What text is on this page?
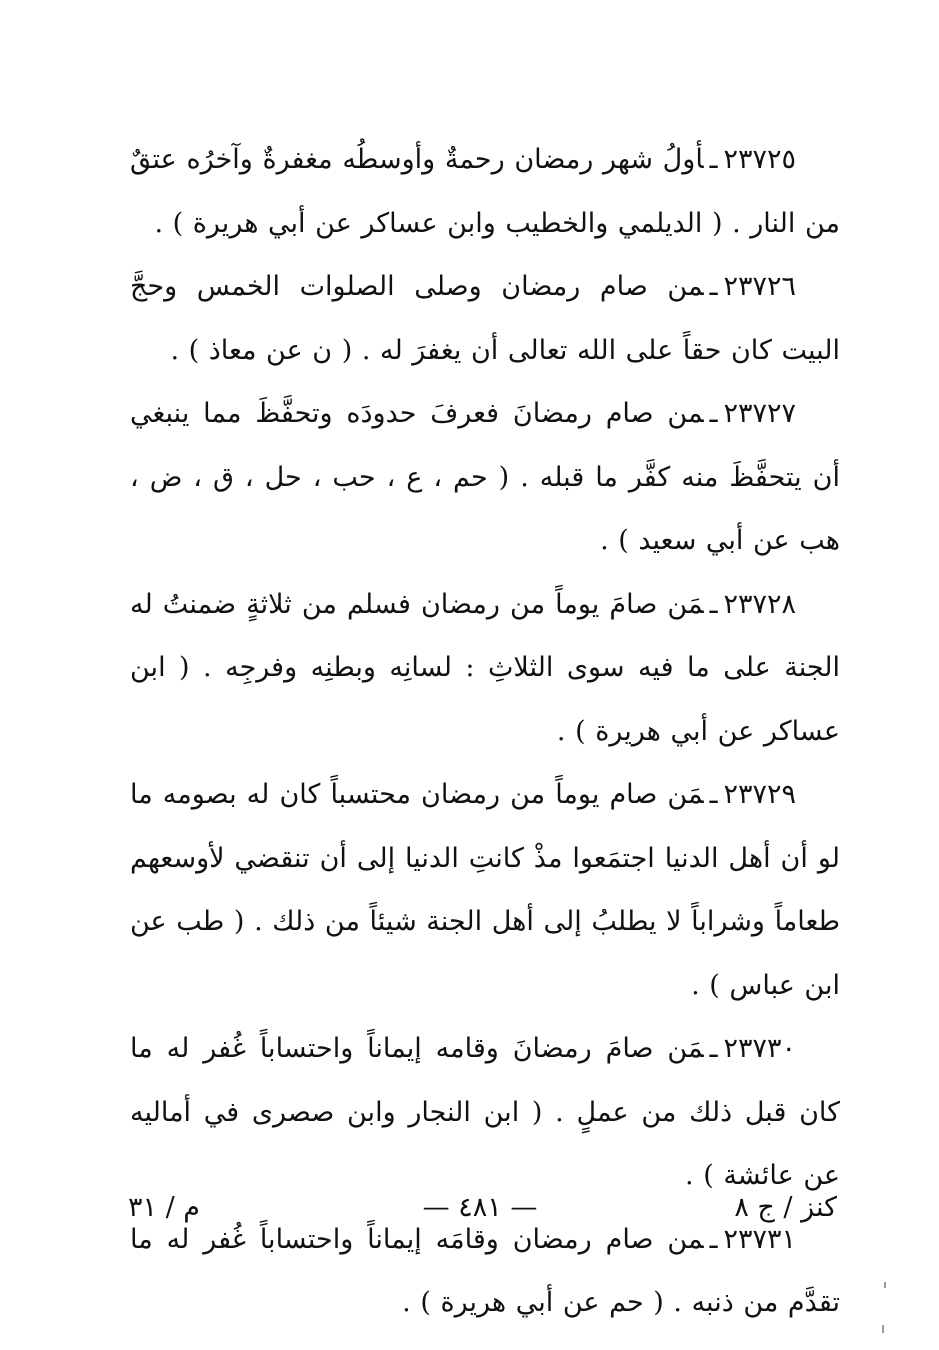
٢٣٧٢٥ـأولُ شهر رمضان رحمةٌ وأوسطُه مغفرةٌ وآخرُه عتقٌ من النار . ( الديلمي والخطيب وابن عساكر عن أبي هريرة ) .

٢٣٧٢٦ـمن صام رمضان وصلى الصلوات الخمس وحجَّ البيت كان حقاً على الله تعالى أن يغفرَ له . ( ن عن معاذ ) .

٢٣٧٢٧ـمن صام رمضانَ فعرفَ حدودَه وتحفَّظَ مما ينبغي أن يتحفَّظَ منه كفَّر ما قبله . ( حم ، ع ، حب ، حل ، ق ، ض ، هب عن أبي سعيد ) .

٢٣٧٢٨ـمَن صامَ يوماً من رمضان فسلم من ثلاثةٍ ضمنتُ له الجنة على ما فيه سوى الثلاثِ : لسانِه وبطنِه وفرجِه . ( ابن عساكر عن أبي هريرة ) .

٢٣٧٢٩ـمَن صام يوماً من رمضان محتسباً كان له بصومه ما لو أن أهل الدنيا اجتمَعوا مذْ كانتِ الدنيا إلى أن تنقضي لأوسعهم طعاماً وشراباً لا يطلبُ إلى أهل الجنة شيئاً من ذلك . ( طب عن ابن عباس ) .

٢٣٧٣٠ـمَن صامَ رمضانَ وقامه إيماناً واحتساباً غُفر له ما كان قبل ذلك من عملٍ . ( ابن النجار وابن صصرى في أماليه عن عائشة ) .

٢٣٧٣١ـمن صام رمضان وقامَه إيماناً واحتساباً غُفر له ما تقدَّم من ذنبه . ( حم عن أبي هريرة ) .

كنز / ج ٨
— ٤٨١ —
م / ٣١
